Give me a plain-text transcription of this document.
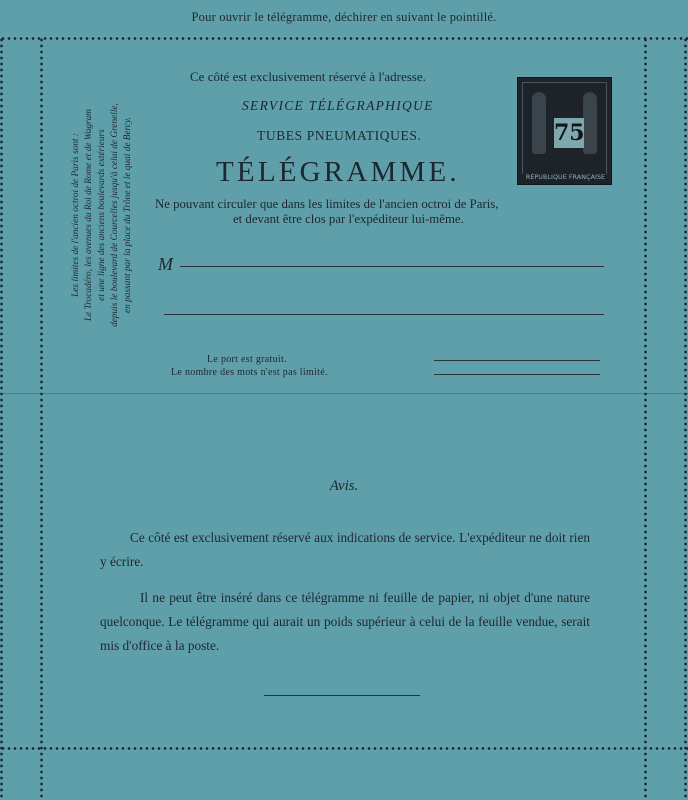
Pour ouvrir le télégramme, déchirer en suivant le pointillé.
Ce côté est exclusivement réservé à l'adresse.
SERVICE TÉLÉGRAPHIQUE
TUBES PNEUMATIQUES.
TÉLÉGRAMME.
Ne pouvant circuler que dans les limites de l'ancien octroi de Paris,
et devant être clos par l'expéditeur lui-même.
75
RÉPUBLIQUE FRANÇAISE
M
Le port est gratuit.
Le nombre des mots n'est pas limité.
Les limites de l'ancien octroi de Paris sont : Le Trocadéro, les avenues du Roi de Rome et de Wagram et une ligne des anciens boulevards extérieurs depuis le boulevard de Courcelles jusqu'à celui de Grenelle, en passant par la place du Trône et le quai de Bercy.
Avis.
Ce côté est exclusivement réservé aux indications de service. L'expéditeur ne doit rien y écrire.
Il ne peut être inséré dans ce télégramme ni feuille de papier, ni objet d'une nature quelconque. Le télégramme qui aurait un poids supérieur à celui de la feuille vendue, serait mis d'office à la poste.
